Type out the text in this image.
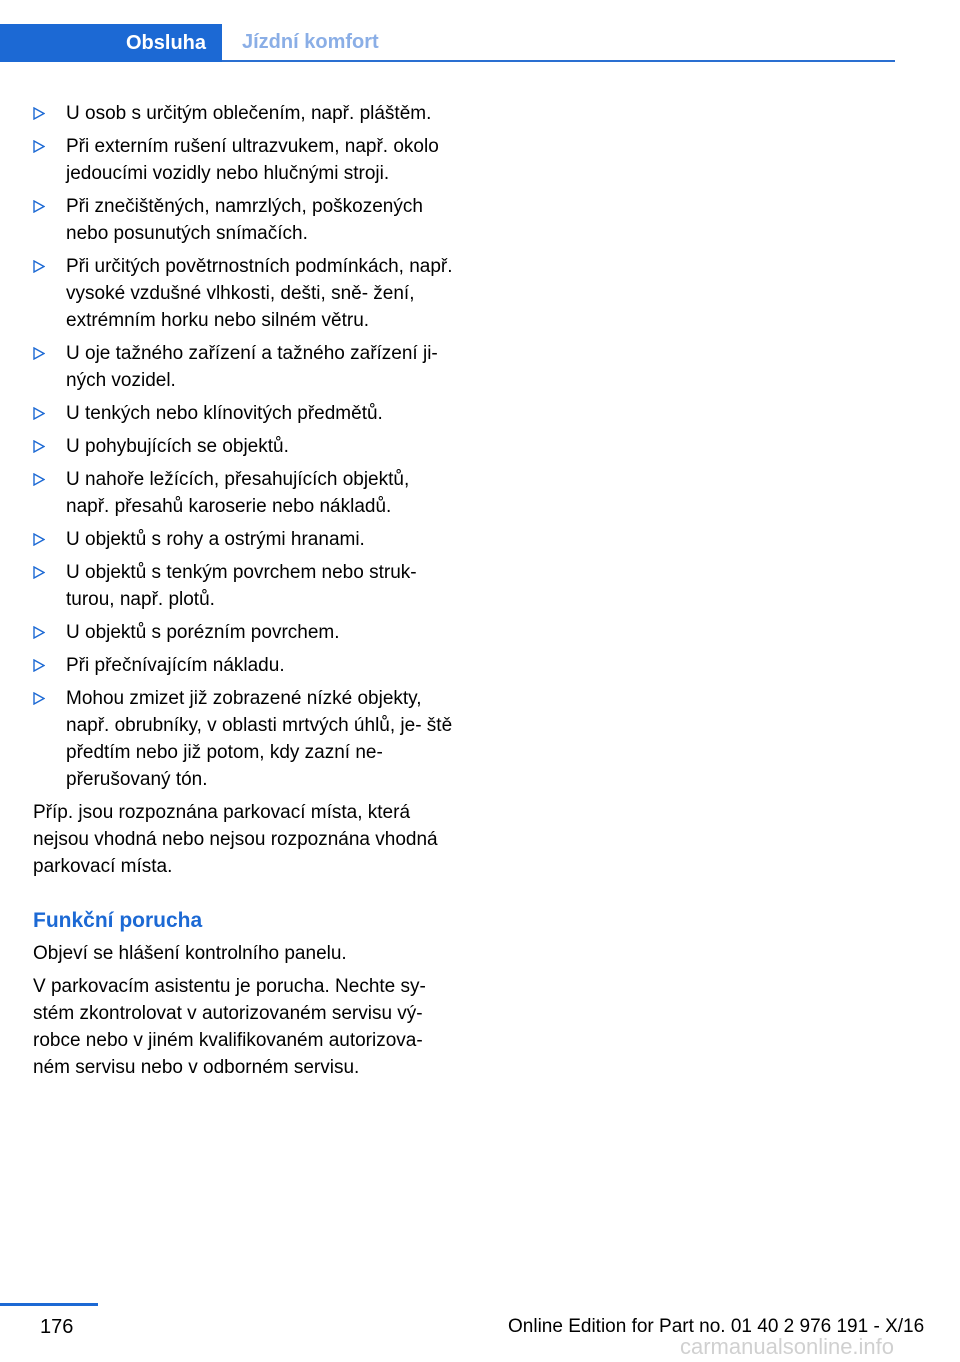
Obsluha Jízdní komfort
U osob s určitým oblečením, např. pláštěm.
Při externím rušení ultrazvukem, např. okolo jedoucími vozidly nebo hlučnými stroji.
Při znečištěných, namrzlých, poškozených nebo posunutých snímačích.
Při určitých povětrnostních podmínkách, např. vysoké vzdušné vlhkosti, dešti, sně‐ žení, extrémním horku nebo silném větru.
U oje tažného zařízení a tažného zařízení ji‐ ných vozidel.
U tenkých nebo klínovitých předmětů.
U pohybujících se objektů.
U nahoře ležících, přesahujících objektů, např. přesahů karoserie nebo nákladů.
U objektů s rohy a ostrými hranami.
U objektů s tenkým povrchem nebo struk‐ turou, např. plotů.
U objektů s porézním povrchem.
Při přečnívajícím nákladu.
Mohou zmizet již zobrazené nízké objekty, např. obrubníky, v oblasti mrtvých úhlů, je‐ ště předtím nebo již potom, kdy zazní ne‐ přerušovaný tón.

Příp. jsou rozpoznána parkovací místa, která nejsou vhodná nebo nejsou rozpoznána vhodná parkovací místa.

Funkční porucha

Objeví se hlášení kontrolního panelu.

V parkovacím asistentu je porucha. Nechte sy‐ stém zkontrolovat v autorizovaném servisu vý‐ robce nebo v jiném kvalifikovaném autorizova‐ ném servisu nebo v odborném servisu.

176	Online Edition for Part no. 01 40 2 976 191 - X/16
carmanualsonline.info
